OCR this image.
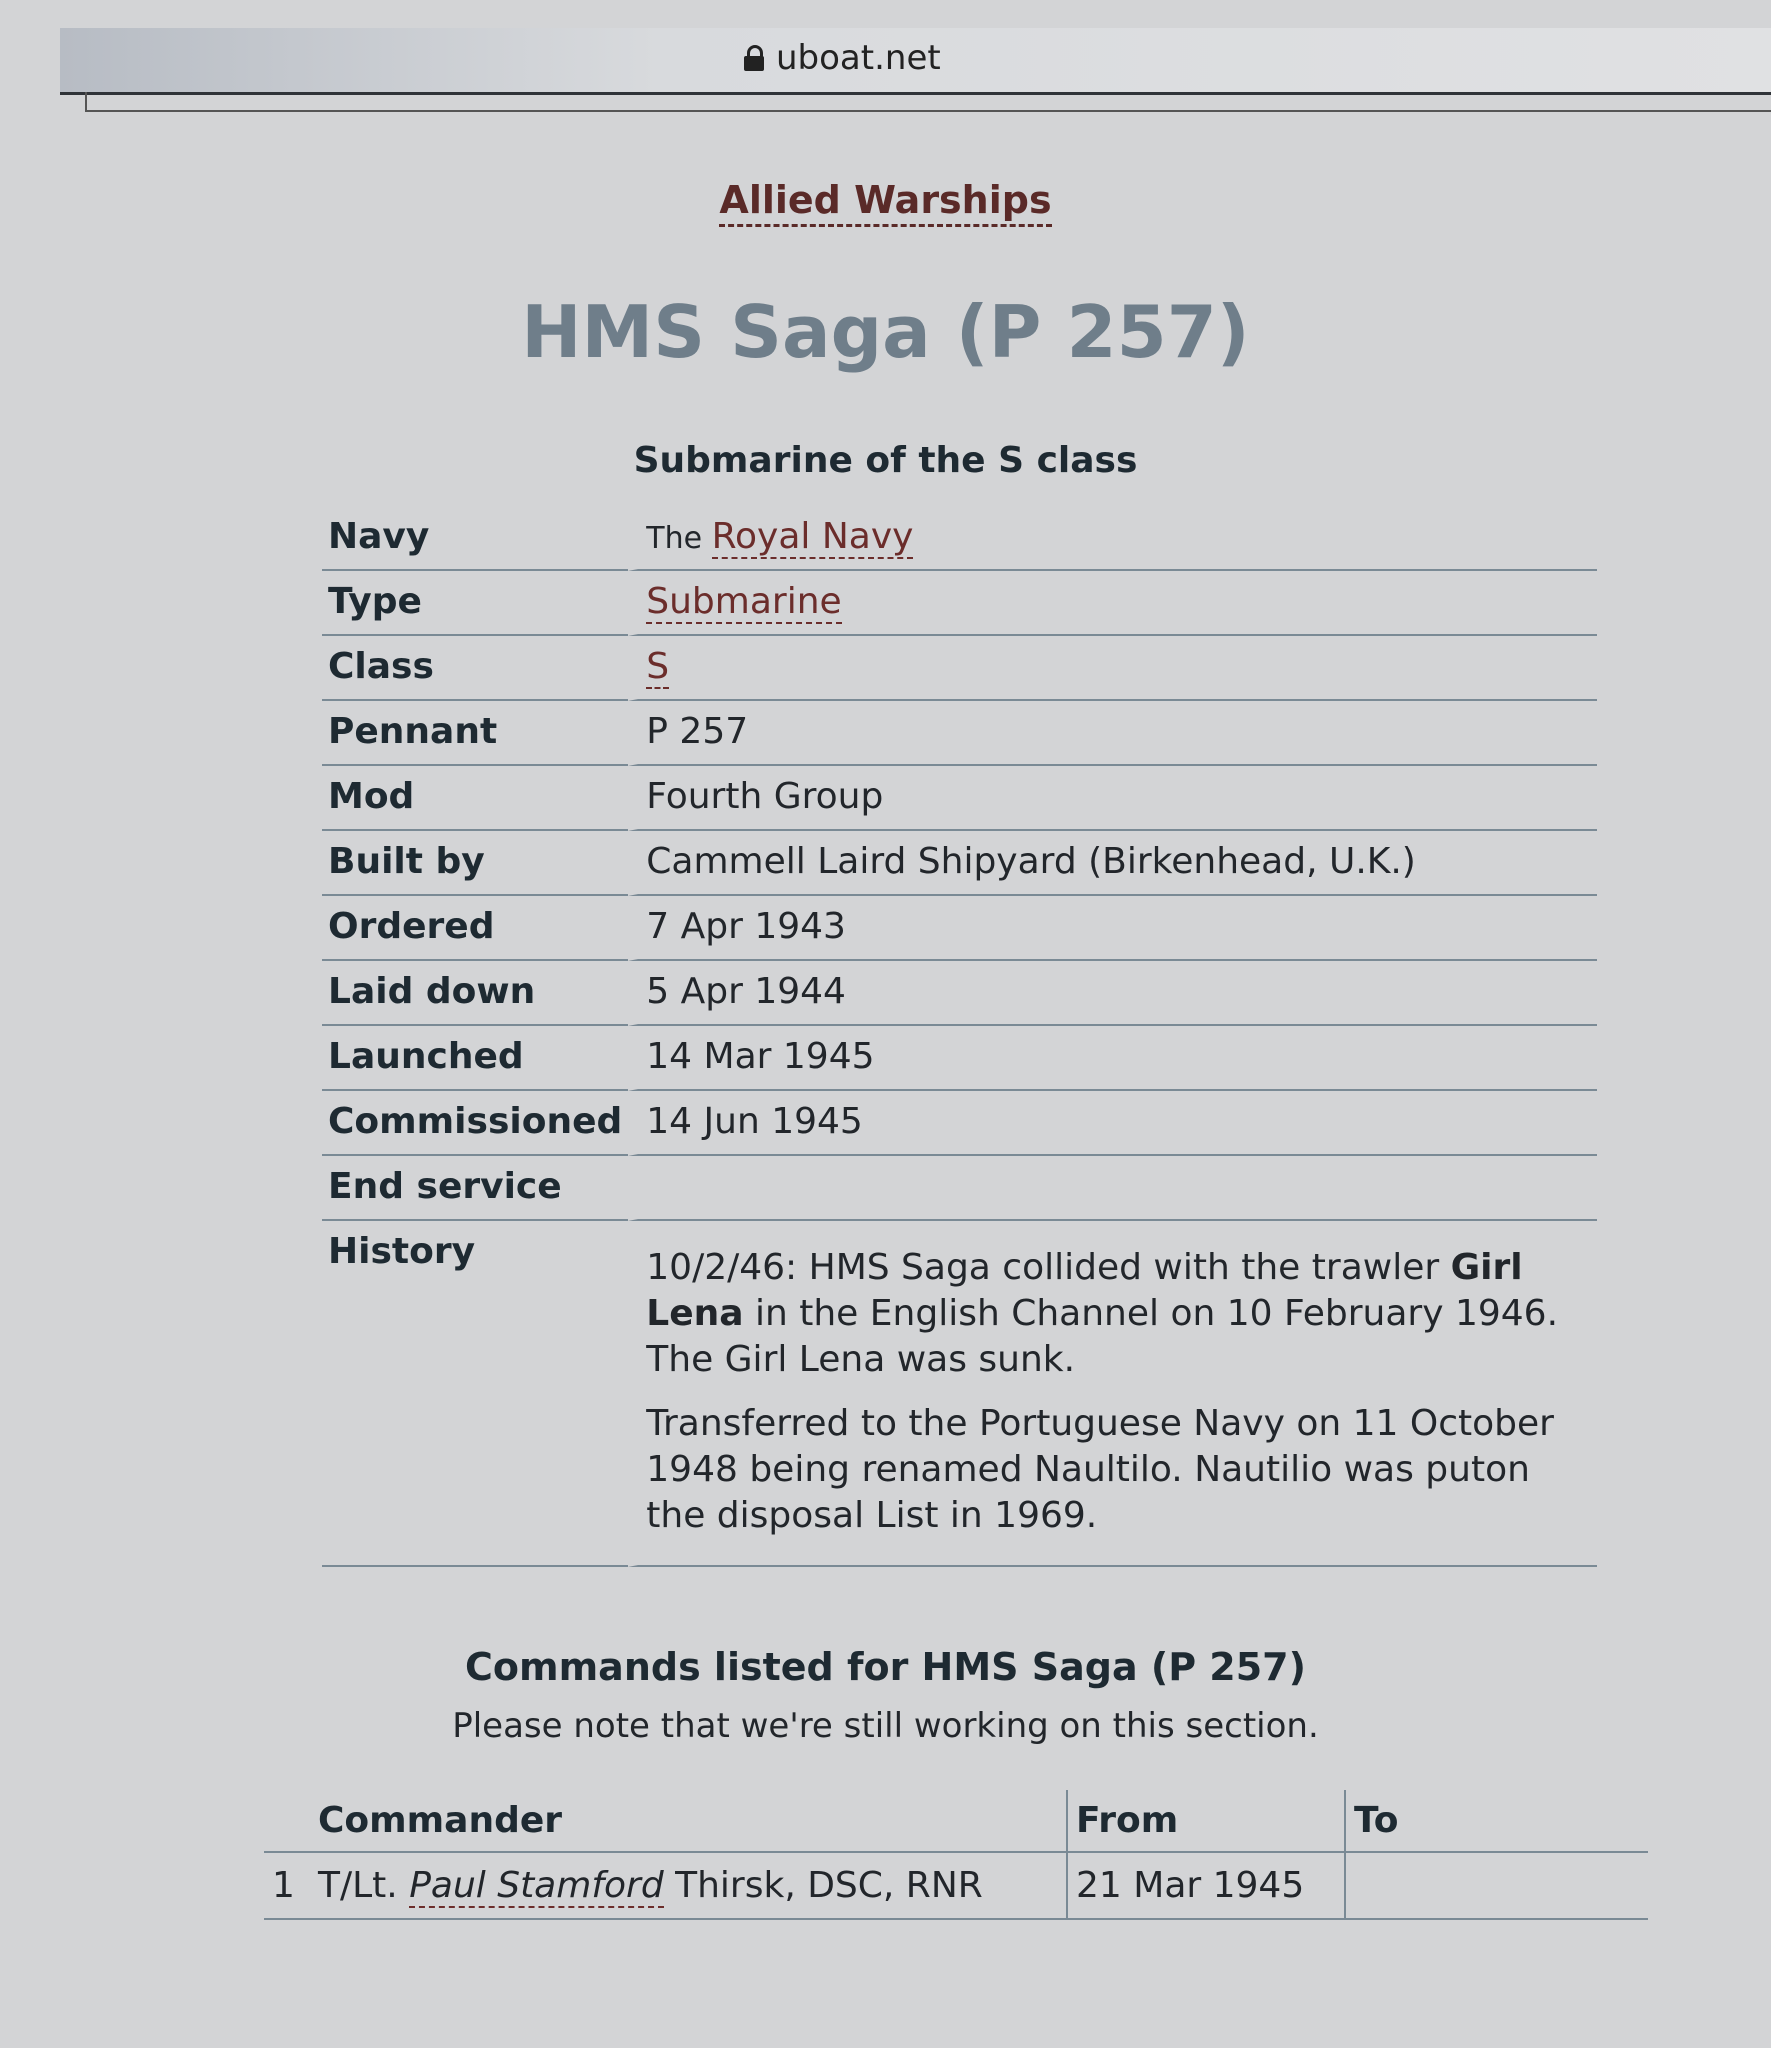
uboat.net
Allied Warships
HMS Saga (P 257)
Submarine of the S class
Navy	The Royal Navy
Type	Submarine
Class	S
Pennant	P 257
Mod	Fourth Group
Built by	Cammell Laird Shipyard (Birkenhead, U.K.)
Ordered	7 Apr 1943
Laid down	5 Apr 1944
Launched	14 Mar 1945
Commissioned	14 Jun 1945
End service	
History	10/2/46: HMS Saga collided with the trawler Girl Lena in the English Channel on 10 February 1946. The Girl Lena was sunk.

Transferred to the Portuguese Navy on 11 October 1948 being renamed Naultilo. Nautilio was puton the disposal List in 1969.

Commands listed for HMS Saga (P 257)

Please note that we're still working on this section.

	Commander	From	To
1	T/Lt. Paul Stamford Thirsk, DSC, RNR	21 Mar 1945	
